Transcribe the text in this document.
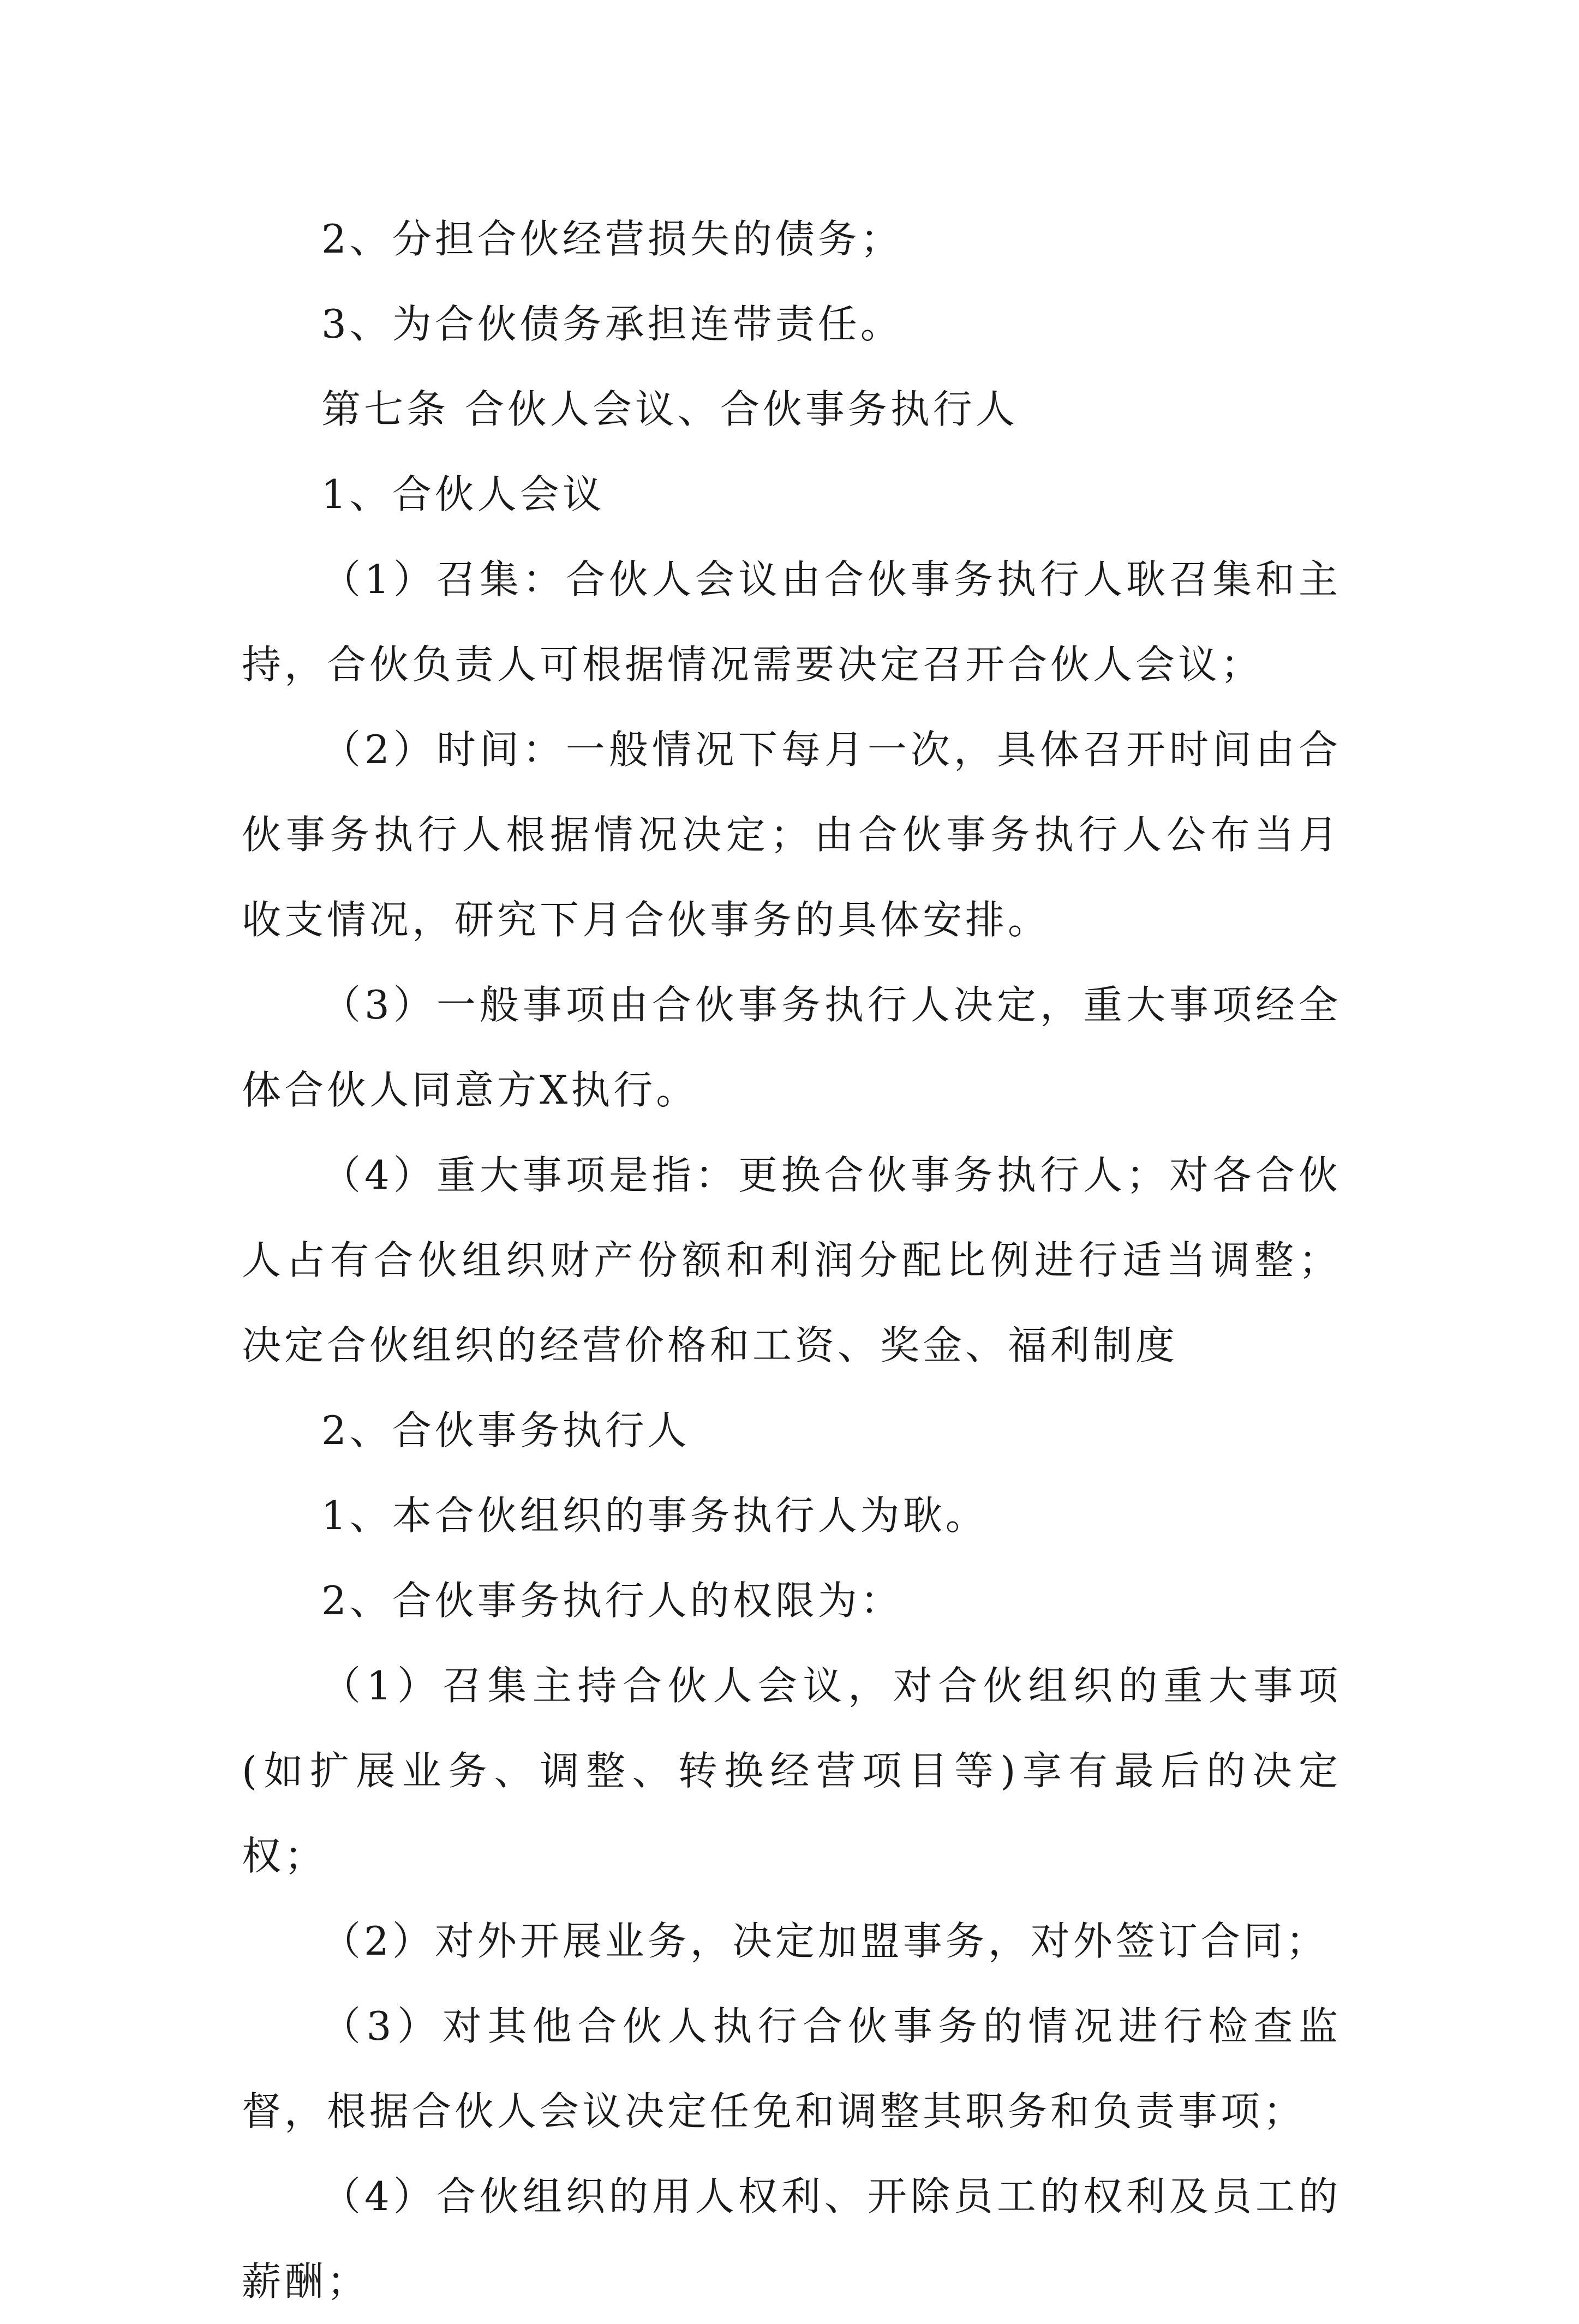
2、分担合伙经营损失的债务；

3、为合伙债务承担连带责任。

第七条 合伙人会议、合伙事务执行人

1、合伙人会议

（1）召集：合伙人会议由合伙事务执行人耿召集和主持，合伙负责人可根据情况需要决定召开合伙人会议；

（2）时间：一般情况下每月一次，具体召开时间由合伙事务执行人根据情况决定；由合伙事务执行人公布当月收支情况，研究下月合伙事务的具体安排。

（3）一般事项由合伙事务执行人决定，重大事项经全体合伙人同意方X执行。

（4）重大事项是指：更换合伙事务执行人；对各合伙人占有合伙组织财产份额和利润分配比例进行适当调整；决定合伙组织的经营价格和工资、奖金、福利制度

2、合伙事务执行人

1、本合伙组织的事务执行人为耿。

2、合伙事务执行人的权限为：

（1）召集主持合伙人会议，对合伙组织的重大事项(如扩展业务、调整、转换经营项目等)享有最后的决定权；

（2）对外开展业务，决定加盟事务，对外签订合同；

（3）对其他合伙人执行合伙事务的情况进行检查监督，根据合伙人会议决定任免和调整其职务和负责事项；

（4）合伙组织的用人权利、开除员工的权利及员工的薪酬；
